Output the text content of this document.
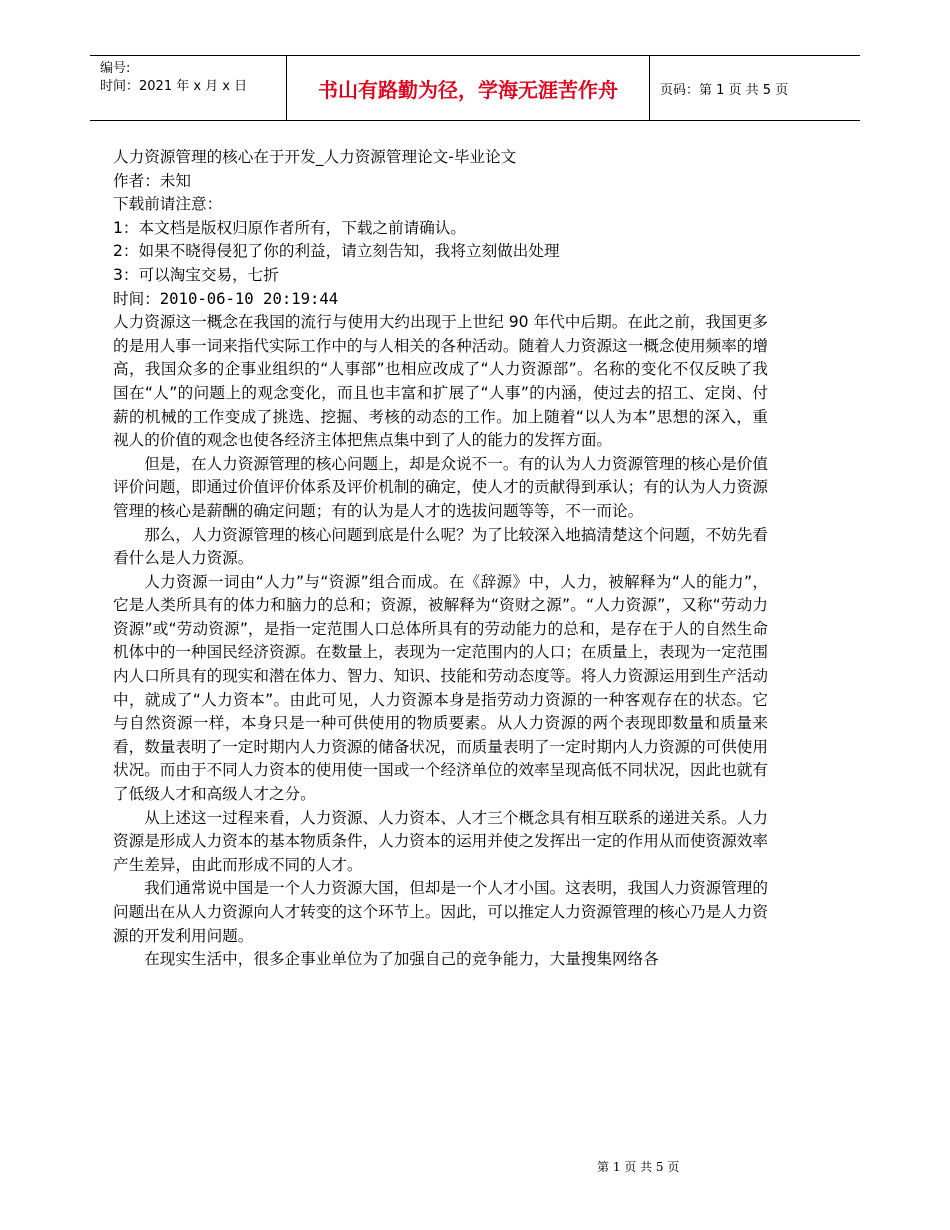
编号:
时间：2021 年 x 月 x 日	书山有路勤为径，学海无涯苦作舟	页码：第 1 页 共 5 页
人力资源管理的核心在于开发_人力资源管理论文-毕业论文
作者：未知
下载前请注意：
1：本文档是版权归原作者所有，下载之前请确认。
2：如果不晓得侵犯了你的利益，请立刻告知，我将立刻做出处理
3：可以淘宝交易，七折
时间：2010-06-10 20:19:44

人力资源这一概念在我国的流行与使用大约出现于上世纪 90 年代中后期。在此之前，我国更多的是用人事一词来指代实际工作中的与人相关的各种活动。随着人力资源这一概念使用频率的增高，我国众多的企事业组织的“人事部”也相应改成了“人力资源部”。名称的变化不仅反映了我国在“人”的问题上的观念变化，而且也丰富和扩展了“人事”的内涵，使过去的招工、定岗、付薪的机械的工作变成了挑选、挖掘、考核的动态的工作。加上随着“以人为本”思想的深入，重视人的价值的观念也使各经济主体把焦点集中到了人的能力的发挥方面。

但是，在人力资源管理的核心问题上，却是众说不一。有的认为人力资源管理的核心是价值评价问题，即通过价值评价体系及评价机制的确定，使人才的贡献得到承认；有的认为人力资源管理的核心是薪酬的确定问题；有的认为是人才的选拔问题等等，不一而论。

那么，人力资源管理的核心问题到底是什么呢？为了比较深入地搞清楚这个问题，不妨先看看什么是人力资源。

人力资源一词由“人力”与“资源”组合而成。在《辞源》中，人力，被解释为“人的能力”，它是人类所具有的体力和脑力的总和；资源，被解释为“资财之源”。“人力资源”，又称“劳动力资源”或“劳动资源”，是指一定范围人口总体所具有的劳动能力的总和，是存在于人的自然生命机体中的一种国民经济资源。在数量上，表现为一定范围内的人口；在质量上，表现为一定范围内人口所具有的现实和潜在体力、智力、知识、技能和劳动态度等。将人力资源运用到生产活动中，就成了“人力资本”。由此可见，人力资源本身是指劳动力资源的一种客观存在的状态。它与自然资源一样，本身只是一种可供使用的物质要素。从人力资源的两个表现即数量和质量来看，数量表明了一定时期内人力资源的储备状况，而质量表明了一定时期内人力资源的可供使用状况。而由于不同人力资本的使用使一国或一个经济单位的效率呈现高低不同状况，因此也就有了低级人才和高级人才之分。

从上述这一过程来看，人力资源、人力资本、人才三个概念具有相互联系的递进关系。人力资源是形成人力资本的基本物质条件，人力资本的运用并使之发挥出一定的作用从而使资源效率产生差异，由此而形成不同的人才。

我们通常说中国是一个人力资源大国，但却是一个人才小国。这表明，我国人力资源管理的问题出在从人力资源向人才转变的这个环节上。因此，可以推定人力资源管理的核心乃是人力资源的开发利用问题。

在现实生活中，很多企事业单位为了加强自己的竞争能力，大量搜集网络各

第 1 页 共 5 页
